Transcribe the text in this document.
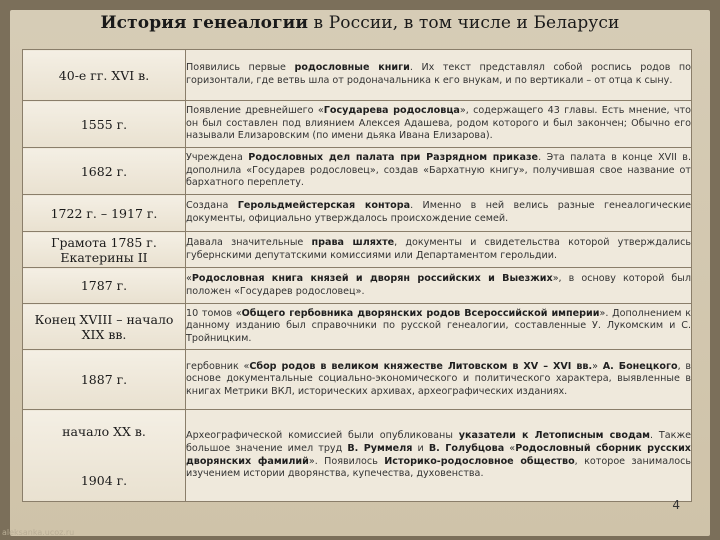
История генеалогии в России, в том числе и Беларуси
40-е гг. XVI в.	Появились первые родословные книги. Их текст представлял собой роспись родов по горизонтали, где ветвь шла от родоначальника к его внукам, и по вертикали – от отца к сыну.
1555 г.	Появление древнейшего «Государева родословца», содержащего 43 главы. Есть мнение, что он был составлен под влиянием Алексея Адашева, родом которого и был закончен; Обычно его называли Елизаровским (по имени дьяка Ивана Елизарова).
1682 г.	Учреждена Родословных дел палата при Разрядном приказе. Эта палата в конце XVII в. дополнила «Государев родословец», создав «Бархатную книгу», получившая свое название от бархатного переплету.
1722 г. – 1917 г.	Создана Герольдмейстерская контора. Именно в ней велись разные генеалогические документы, официально утверждалось происхождение семей.
Грамота 1785 г. Екатерины II	Давала значительные права шляхте, документы и свидетельства которой утверждались губернскими депутатскими комиссиями или Департаментом герольдии.
1787 г.	«Родословная книга князей и дворян российских и Выезжих», в основу которой был положен «Государев родословец».
Конец XVIII – начало XIX вв.	10 томов «Общего гербовника дворянских родов Всероссийской империи». Дополнением к данному изданию был справочники по русской генеалогии, составленные У. Лукомским и С. Тройницким.
1887 г.	гербовник «Сбор родов в великом княжестве Литовском в XV – XVI вв.» А. Бонецкого, в основе документальные социально-экономического и политического характера, выявленные в книгах Метрики ВКЛ, исторических архивах, археографических изданиях.

начало XX в.
1904 г.	Археографической комиссией были опубликованы указатели к Летописным сводам. Также большое значение имел труд В. Руммеля и В. Голубцова «Родословный сборник русских дворянских фамилий». Появилось Историко-родословное общество, которое занималось изучением истории дворянства, купечества, духовенства.
4
aleksanka.ucoz.ru
